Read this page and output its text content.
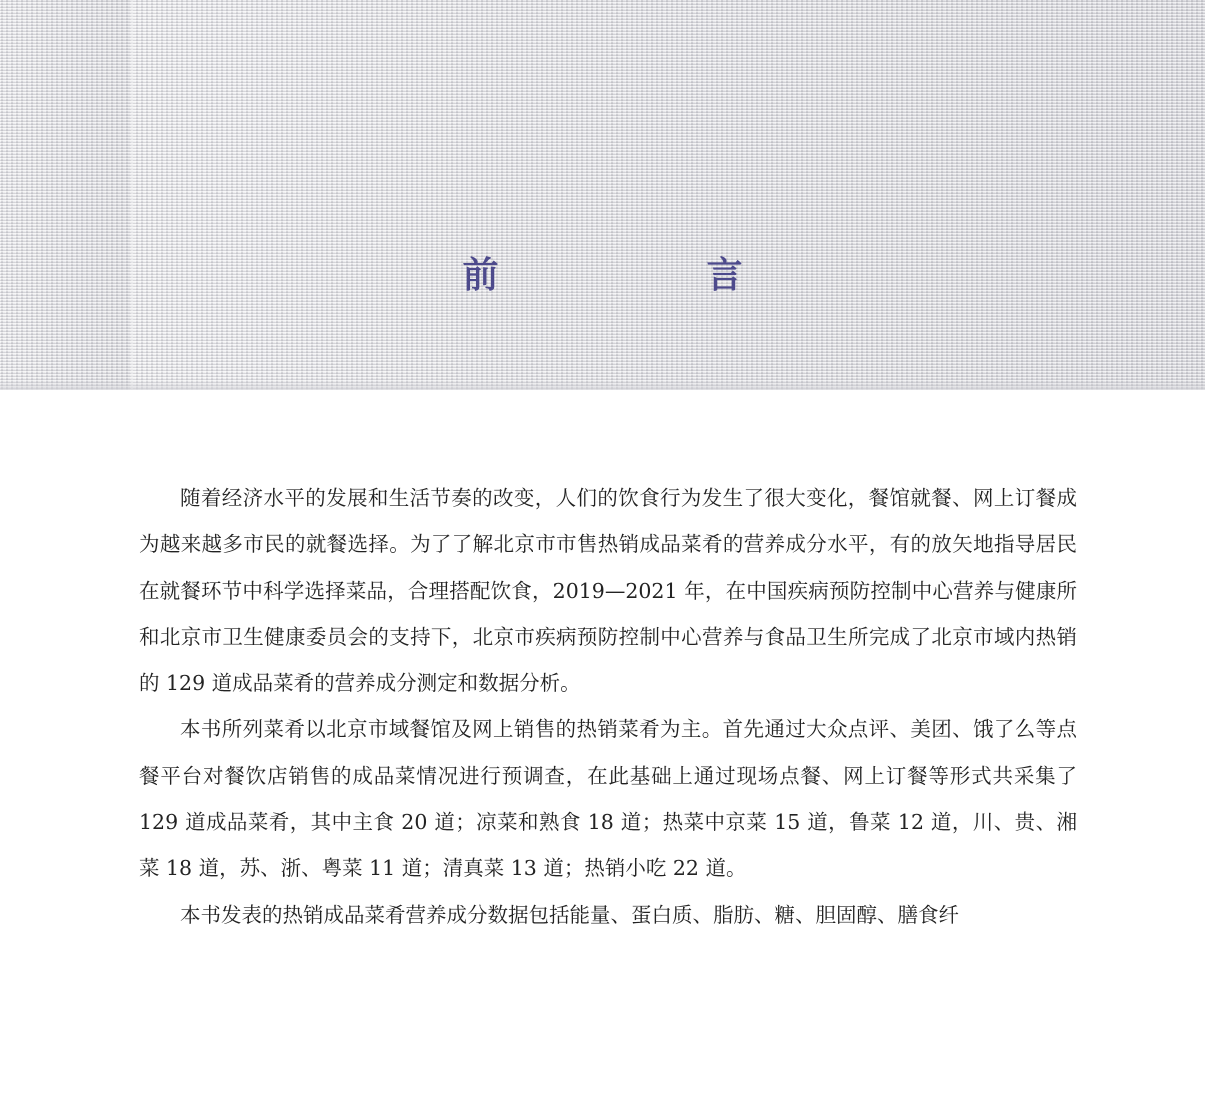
前　言

随着经济水平的发展和生活节奏的改变，人们的饮食行为发生了很大变化，餐馆就餐、网上订餐成为越来越多市民的就餐选择。为了了解北京市市售热销成品菜肴的营养成分水平，有的放矢地指导居民在就餐环节中科学选择菜品，合理搭配饮食，2019—2021 年，在中国疾病预防控制中心营养与健康所和北京市卫生健康委员会的支持下，北京市疾病预防控制中心营养与食品卫生所完成了北京市域内热销的 129 道成品菜肴的营养成分测定和数据分析。

本书所列菜肴以北京市域餐馆及网上销售的热销菜肴为主。首先通过大众点评、美团、饿了么等点餐平台对餐饮店销售的成品菜情况进行预调查，在此基础上通过现场点餐、网上订餐等形式共采集了 129 道成品菜肴，其中主食 20 道；凉菜和熟食 18 道；热菜中京菜 15 道，鲁菜 12 道，川、贵、湘菜 18 道，苏、浙、粤菜 11 道；清真菜 13 道；热销小吃 22 道。

本书发表的热销成品菜肴营养成分数据包括能量、蛋白质、脂肪、糖、胆固醇、膳食纤
